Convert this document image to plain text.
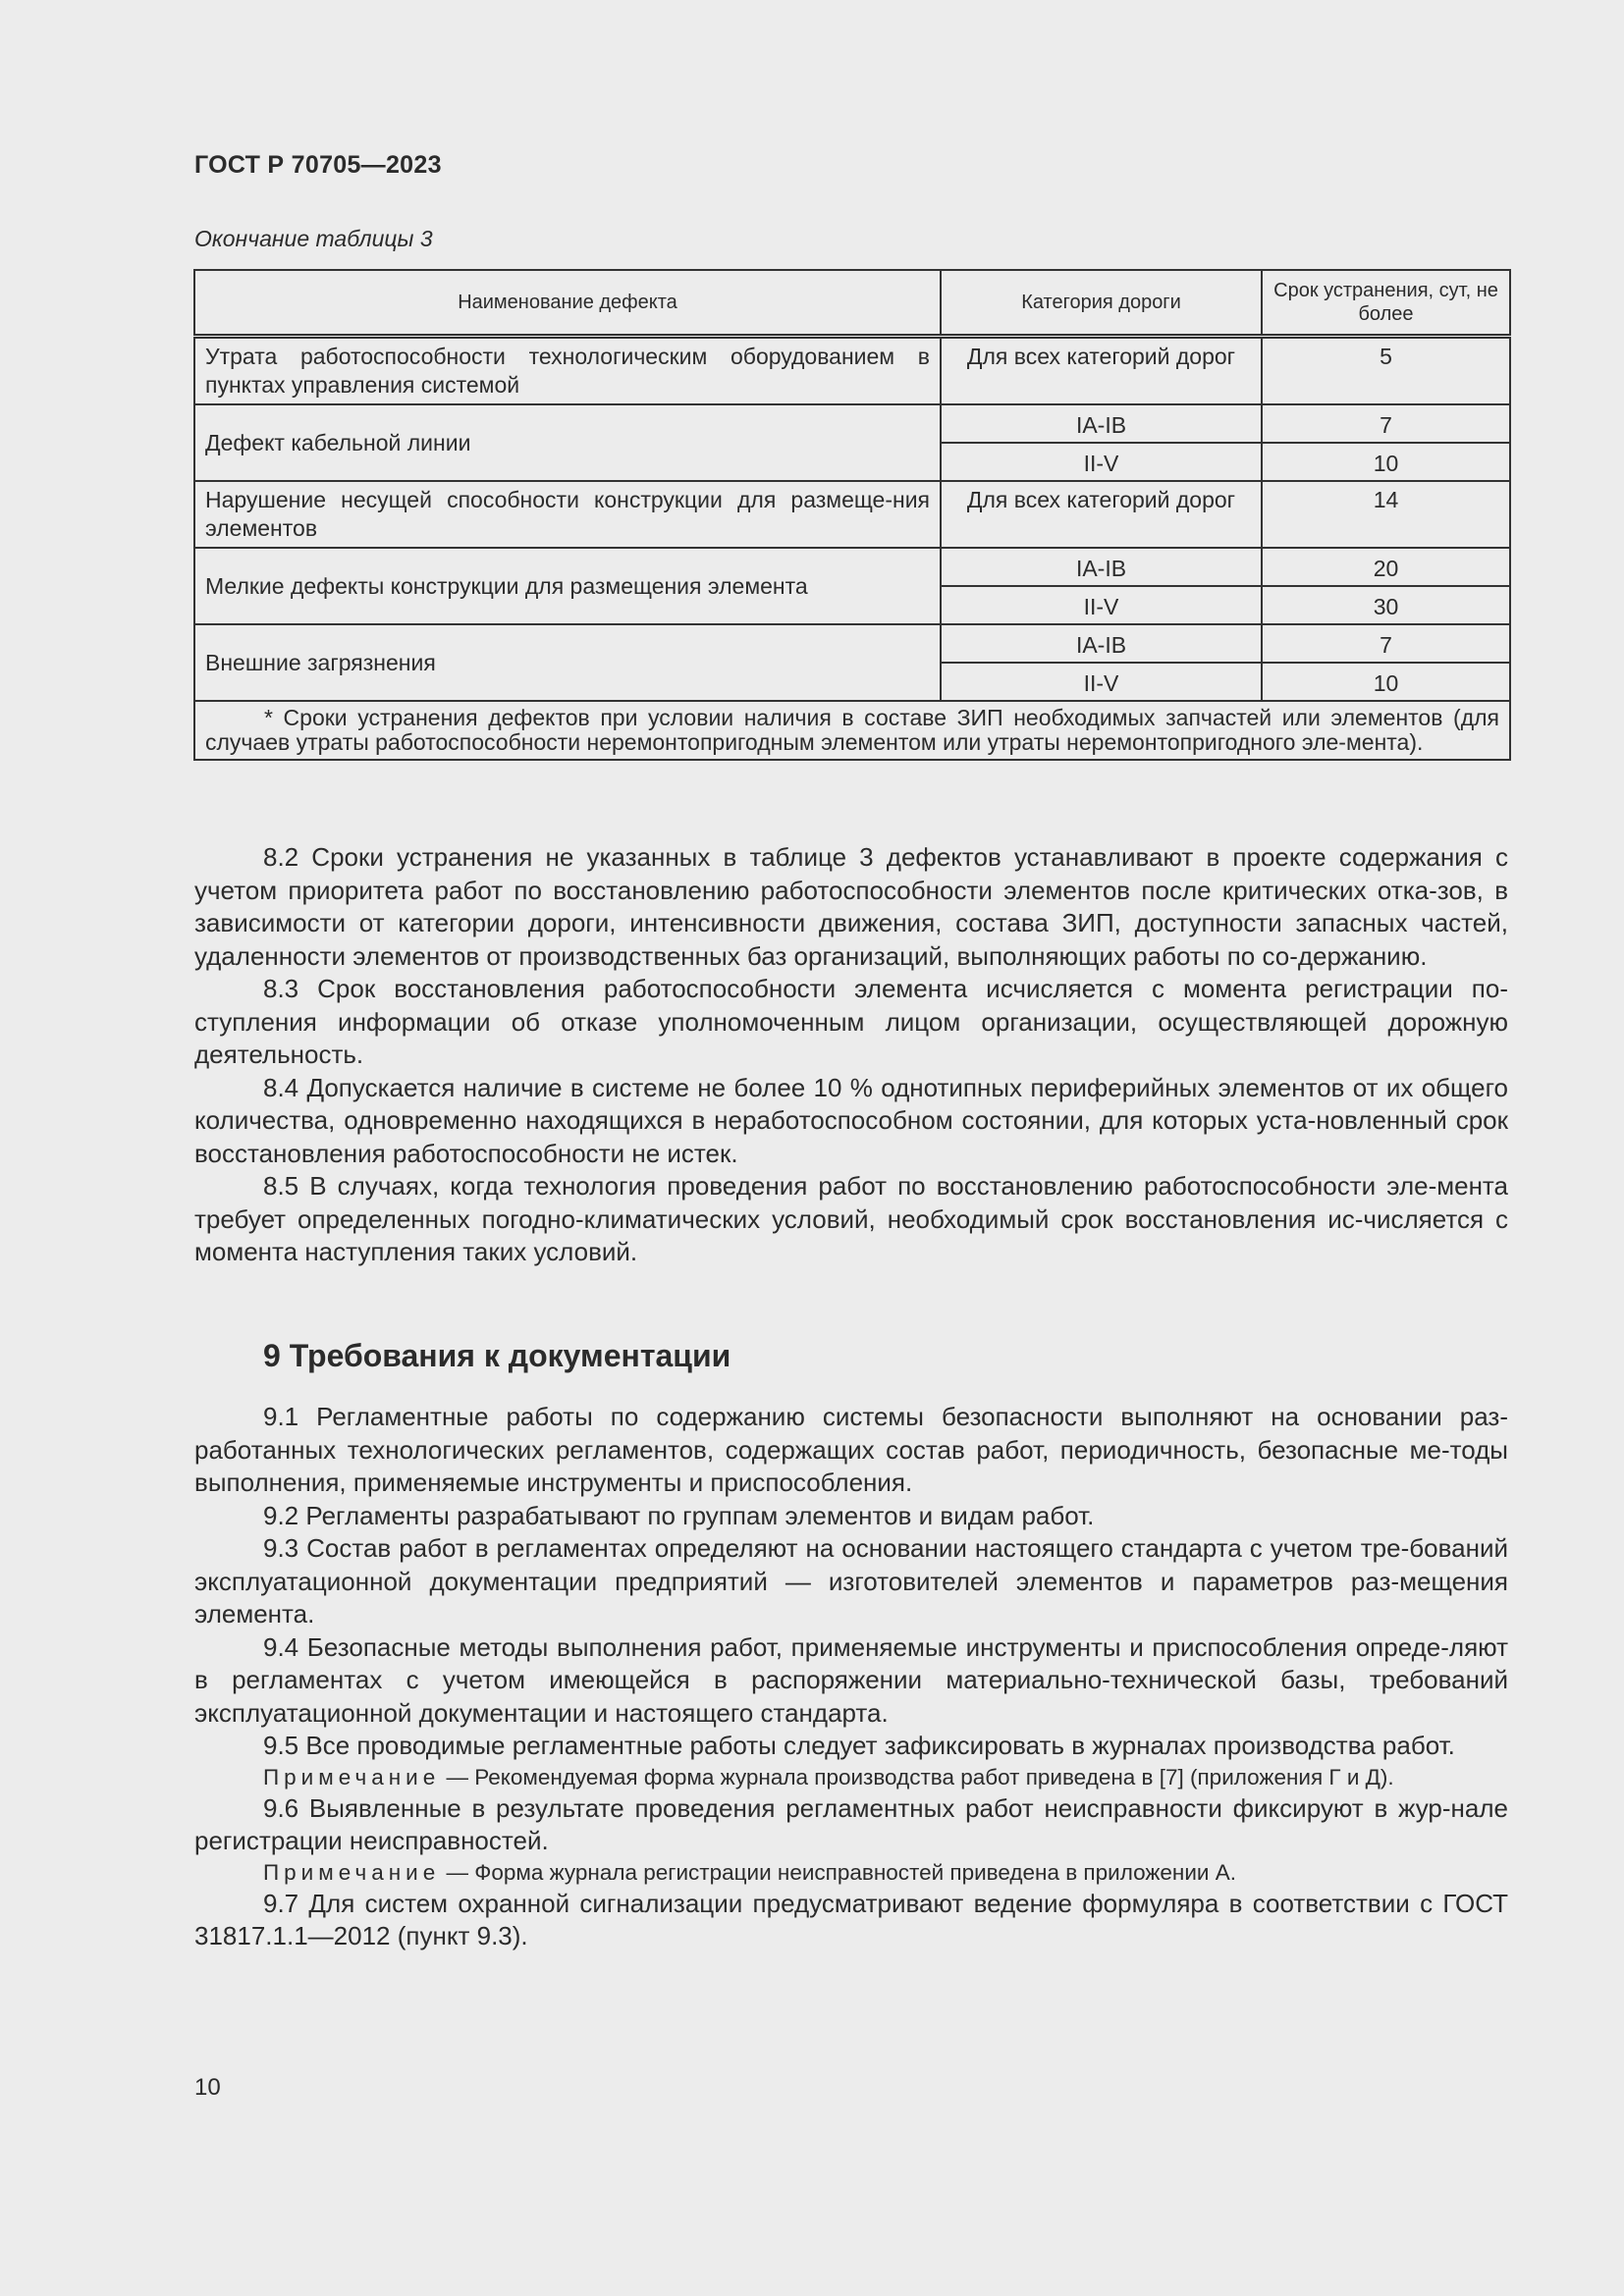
ГОСТ Р 70705—2023
Окончание таблицы 3
Наименование дефекта	Категория дороги	Срок устранения, сут, не более
Утрата работоспособности технологическим оборудованием в пунктах управления системой	Для всех категорий дорог	5
Дефект кабельной линии	IA-IB	7
	II-V	10
Нарушение несущей способности конструкции для размеще-ния элементов	Для всех категорий дорог	14
Мелкие дефекты конструкции для размещения элемента	IA-IB	20
	II-V	30
Внешние загрязнения	IA-IB	7
	II-V	10
* Сроки устранения дефектов при условии наличия в составе ЗИП необходимых запчастей или элементов (для случаев утраты работоспособности неремонтопригодным элементом или утраты неремонтопригодного эле-мента).		

8.2 Сроки устранения не указанных в таблице 3 дефектов устанавливают в проекте содержания с учетом приоритета работ по восстановлению работоспособности элементов после критических отка-зов, в зависимости от категории дороги, интенсивности движения, состава ЗИП, доступности запасных частей, удаленности элементов от производственных баз организаций, выполняющих работы по со-держанию.

8.3 Срок восстановления работоспособности элемента исчисляется с момента регистрации по-ступления информации об отказе уполномоченным лицом организации, осуществляющей дорожную деятельность.

8.4 Допускается наличие в системе не более 10 % однотипных периферийных элементов от их общего количества, одновременно находящихся в неработоспособном состоянии, для которых уста-новленный срок восстановления работоспособности не истек.

8.5 В случаях, когда технология проведения работ по восстановлению работоспособности эле-мента требует определенных погодно-климатических условий, необходимый срок восстановления ис-числяется с момента наступления таких условий.

9 Требования к документации

9.1 Регламентные работы по содержанию системы безопасности выполняют на основании раз-работанных технологических регламентов, содержащих состав работ, периодичность, безопасные ме-тоды выполнения, применяемые инструменты и приспособления.

9.2 Регламенты разрабатывают по группам элементов и видам работ.

9.3 Состав работ в регламентах определяют на основании настоящего стандарта с учетом тре-бований эксплуатационной документации предприятий — изготовителей элементов и параметров раз-мещения элемента.

9.4 Безопасные методы выполнения работ, применяемые инструменты и приспособления опреде-ляют в регламентах с учетом имеющейся в распоряжении материально-технической базы, требований эксплуатационной документации и настоящего стандарта.

9.5 Все проводимые регламентные работы следует зафиксировать в журналах производства работ.

Примечание — Рекомендуемая форма журнала производства работ приведена в [7] (приложения Г и Д).

9.6 Выявленные в результате проведения регламентных работ неисправности фиксируют в жур-нале регистрации неисправностей.

Примечание — Форма журнала регистрации неисправностей приведена в приложении А.

9.7 Для систем охранной сигнализации предусматривают ведение формуляра в соответствии с ГОСТ 31817.1.1—2012 (пункт 9.3).

10
